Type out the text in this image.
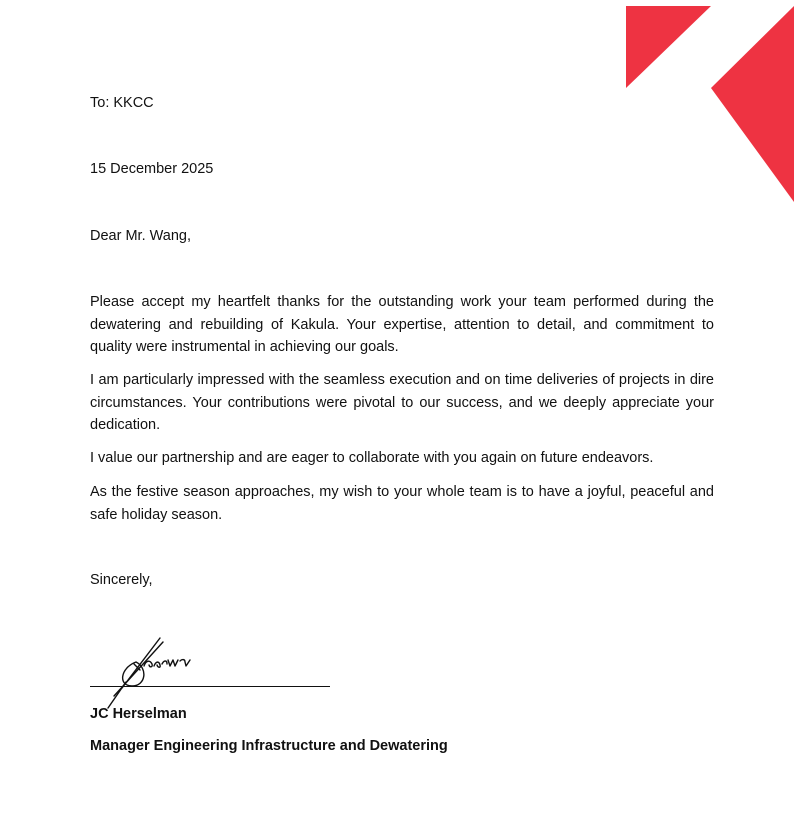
To: KKCC

15 December 2025

Dear Mr. Wang,

Please accept my heartfelt thanks for the outstanding work your team performed during the dewatering and rebuilding of Kakula. Your expertise, attention to detail, and commitment to quality were instrumental in achieving our goals.

I am particularly impressed with the seamless execution and on time deliveries of projects in dire circumstances. Your contributions were pivotal to our success, and we deeply appreciate your dedication.

I value our partnership and are eager to collaborate with you again on future endeavors.

As the festive season approaches, my wish to your whole team is to have a joyful, peaceful and safe holiday season.

Sincerely,

JC Herselman

Manager Engineering Infrastructure and Dewatering
